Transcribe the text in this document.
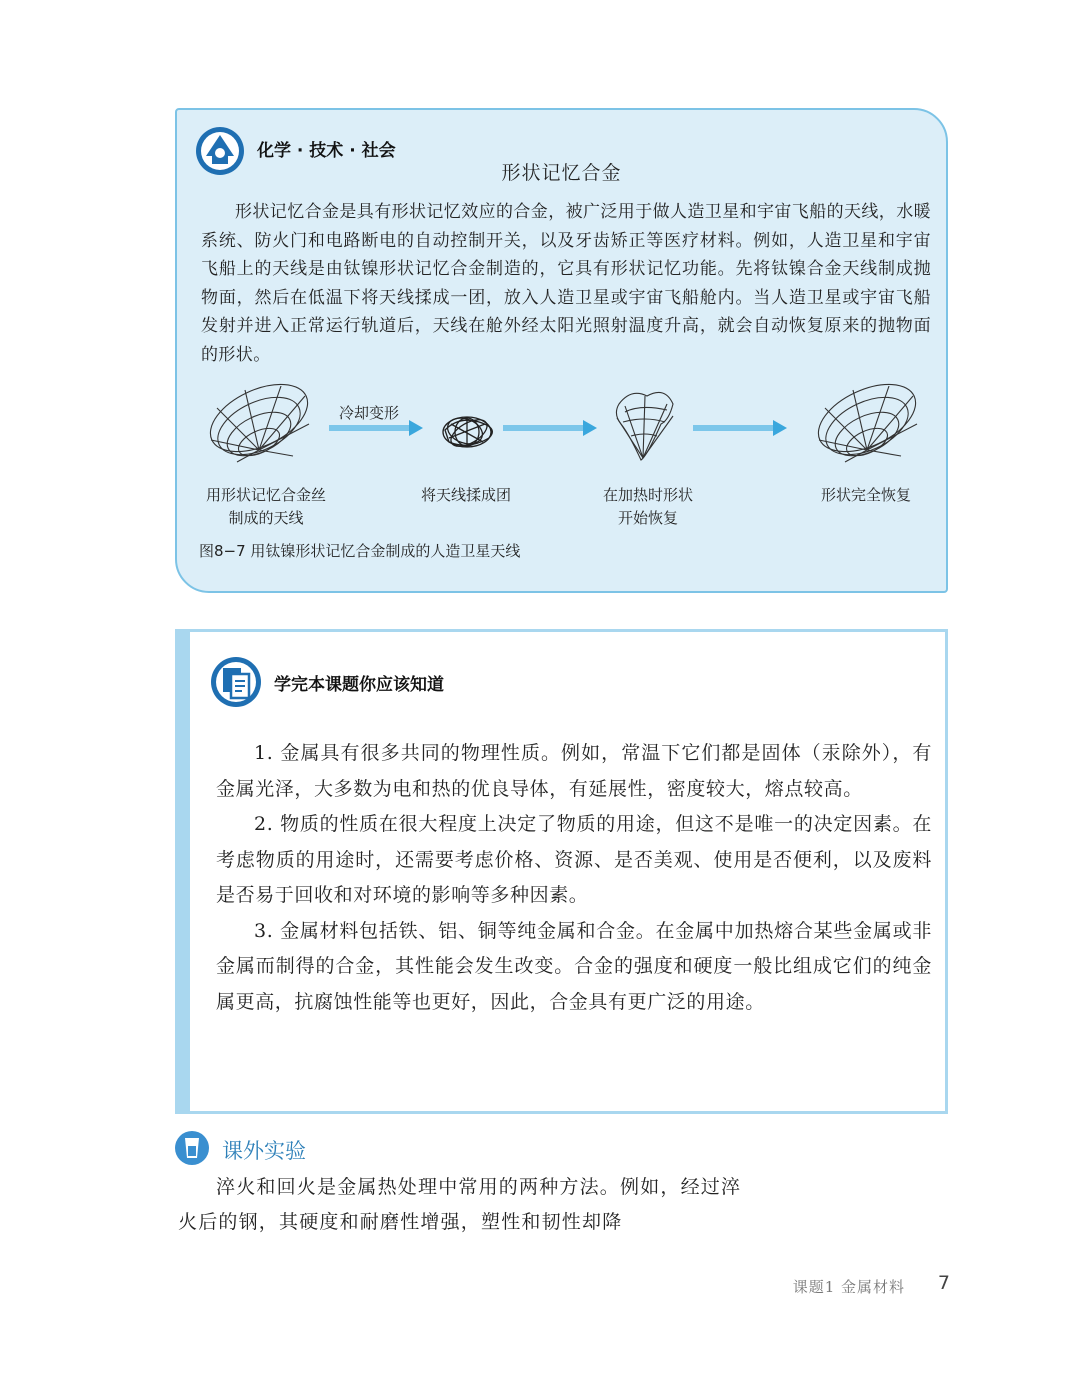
化学 · 技术 · 社会
形状记忆合金

形状记忆合金是具有形状记忆效应的合金，被广泛用于做人造卫星和宇宙飞船的天线，水暖系统、防火门和电路断电的自动控制开关，以及牙齿矫正等医疗材料。例如，人造卫星和宇宙飞船上的天线是由钛镍形状记忆合金制造的，它具有形状记忆功能。先将钛镍合金天线制成抛物面，然后在低温下将天线揉成一团，放入人造卫星或宇宙飞船舱内。当人造卫星或宇宙飞船发射并进入正常运行轨道后，天线在舱外经太阳光照射温度升高，就会自动恢复原来的抛物面的形状。

冷却变形
用形状记忆合金丝
制成的天线
将天线揉成团	在加热时形状
开始恢复
形状完全恢复
图8−7 用钛镍形状记忆合金制成的人造卫星天线
学完本课题你应该知道

1. 金属具有很多共同的物理性质。例如，常温下它们都是固体（汞除外），有金属光泽，大多数为电和热的优良导体，有延展性，密度较大，熔点较高。

2. 物质的性质在很大程度上决定了物质的用途，但这不是唯一的决定因素。在考虑物质的用途时，还需要考虑价格、资源、是否美观、使用是否便利，以及废料是否易于回收和对环境的影响等多种因素。

3. 金属材料包括铁、铝、铜等纯金属和合金。在金属中加热熔合某些金属或非金属而制得的合金，其性能会发生改变。合金的强度和硬度一般比组成它们的纯金属更高，抗腐蚀性能等也更好，因此，合金具有更广泛的用途。

课外实验

淬火和回火是金属热处理中常用的两种方法。例如，经过淬火后的钢，其硬度和耐磨性增强，塑性和韧性却降

课题1 金属材料 7
